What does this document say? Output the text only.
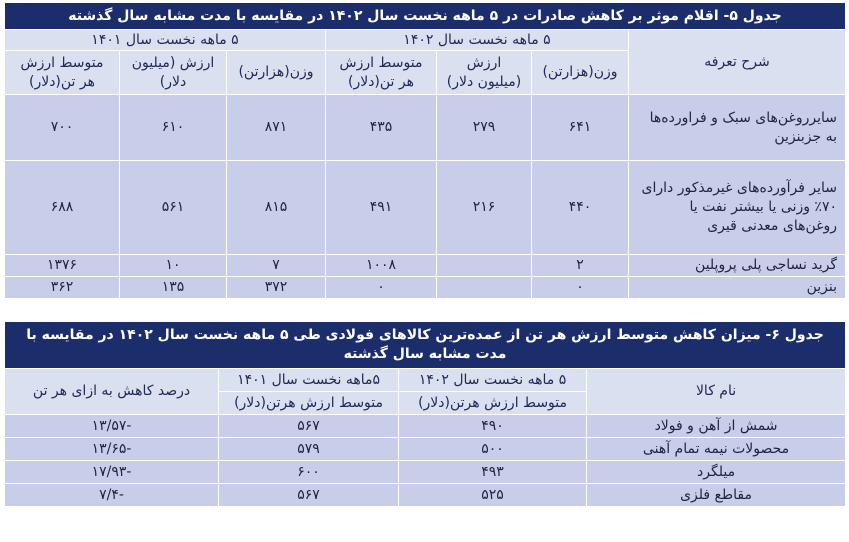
جدول ۵- اقلام موثر بر کاهش صادرات در ۵ ماهه نخست سال ۱۴۰۲ در مقایسه با مدت مشابه سال گذشته						
شرح تعرفه	۵ ماهه نخست سال ۱۴۰۲			۵ ماهه نخست سال ۱۴۰۱		
	وزن(هزارتن)	ارزش (میلیون دلار)	متوسط ارزش هر تن(دلار)	وزن(هزارتن)	ارزش (میلیون دلار)	متوسط ارزش هر تن(دلار)
سایرروغن‌های سبک و فراورده‌ها به جزبنزین	۶۴۱	۲۷۹	۴۳۵	۸۷۱	۶۱۰	۷۰۰
سایر فرآورده‌های غیرمذکور دارای ۷۰٪ وزنی یا بیشتر نفت یا روغن‌های معدنی قیری	۴۴۰	۲۱۶	۴۹۱	۸۱۵	۵۶۱	۶۸۸
گرید نساجی پلی پروپلین	۲		۱۰۰۸	۷	۱۰	۱۳۷۶
بنزین	۰		۰	۳۷۲	۱۳۵	۳۶۲
جدول ۶- میزان کاهش متوسط ارزش هر تن از عمده‌ترین کالاهای فولادی طی ۵ ماهه نخست سال ۱۴۰۲ در مقایسه با مدت مشابه سال گذشته			
نام کالا	۵ ماهه نخست سال ۱۴۰۲	۵ماهه نخست سال ۱۴۰۱	درصد کاهش به ازای هر تن
	متوسط ارزش هرتن(دلار)	متوسط ارزش هرتن(دلار)	
شمش از آهن و فولاد	۴۹۰	۵۶۷	-۱۳/۵۷
محصولات نیمه تمام آهنی	۵۰۰	۵۷۹	-۱۳/۶۵
میلگرد	۴۹۳	۶۰۰	-۱۷/۹۳
مقاطع فلزی	۵۲۵	۵۶۷	-۷/۴
